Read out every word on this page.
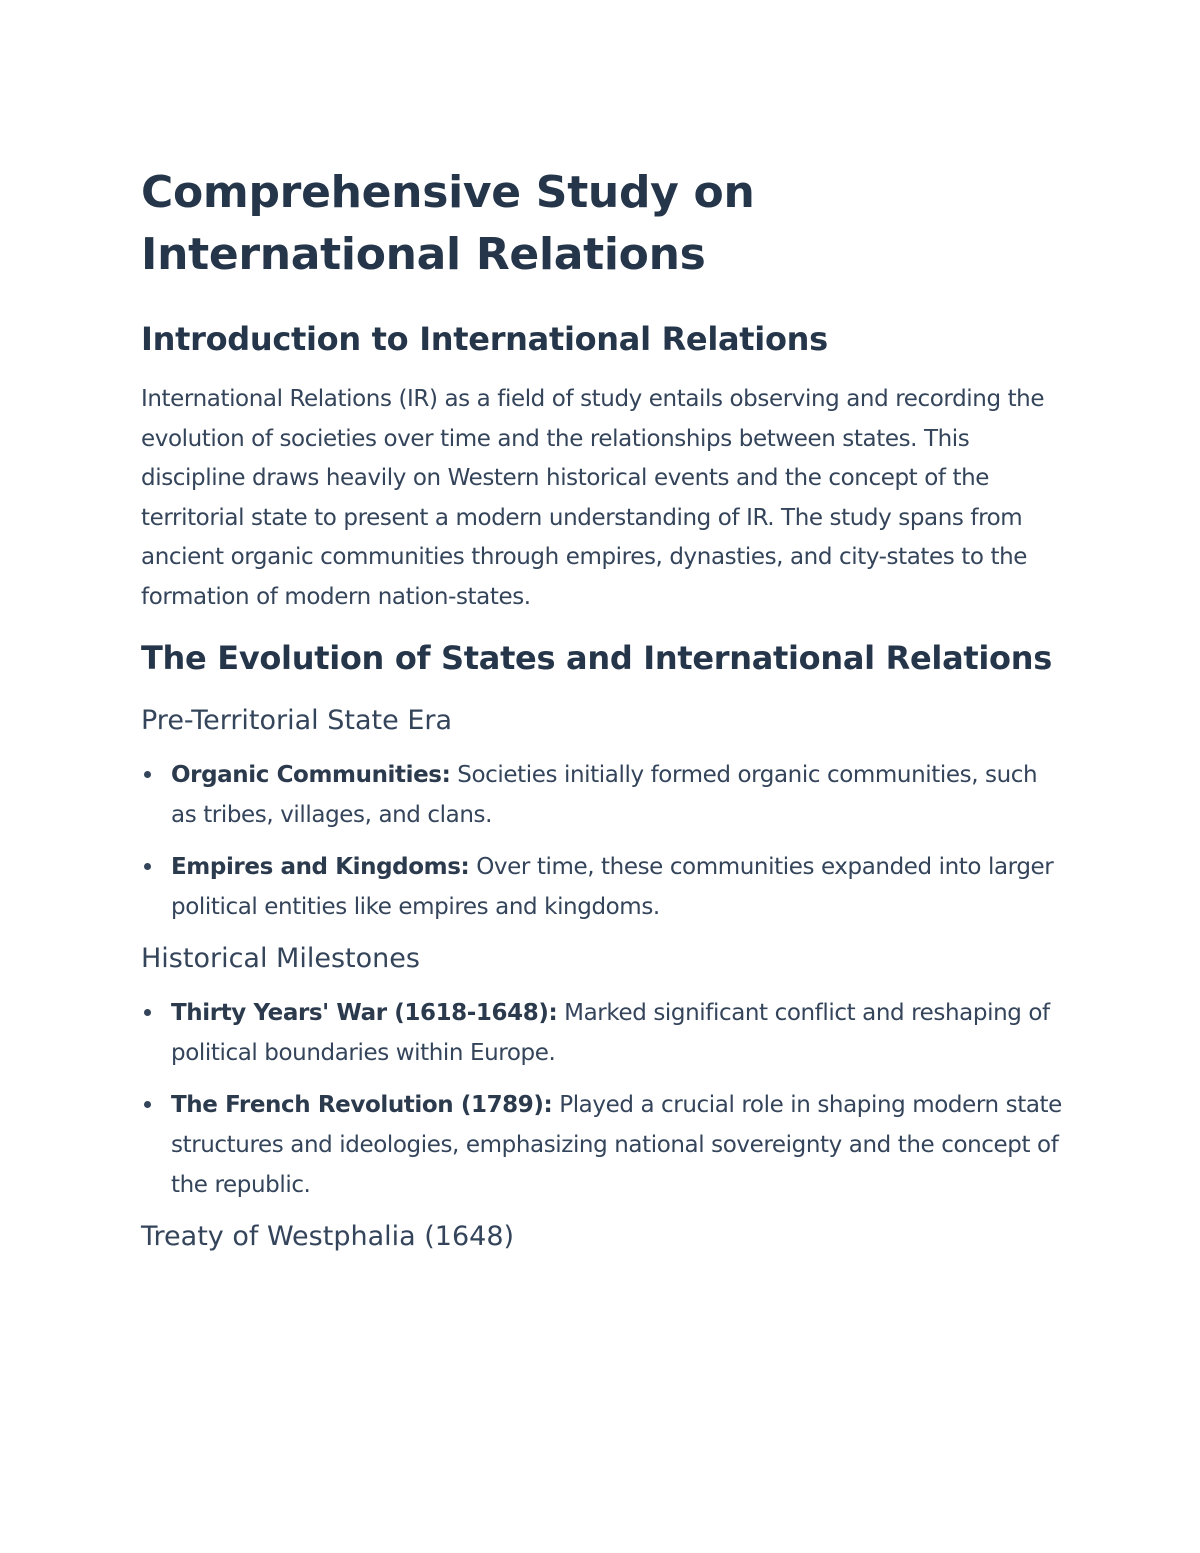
Comprehensive Study on International Relations
Introduction to International Relations

International Relations (IR) as a field of study entails observing and recording the evolution of societies over time and the relationships between states. This discipline draws heavily on Western historical events and the concept of the territorial state to present a modern understanding of IR. The study spans from ancient organic communities through empires, dynasties, and city-states to the formation of modern nation-states.

The Evolution of States and International Relations
Pre-Territorial State Era
Organic Communities: Societies initially formed organic communities, such as tribes, villages, and clans.
Empires and Kingdoms: Over time, these communities expanded into larger political entities like empires and kingdoms.
Historical Milestones
Thirty Years' War (1618-1648): Marked significant conflict and reshaping of political boundaries within Europe.
The French Revolution (1789): Played a crucial role in shaping modern state structures and ideologies, emphasizing national sovereignty and the concept of the republic.
Treaty of Westphalia (1648)
